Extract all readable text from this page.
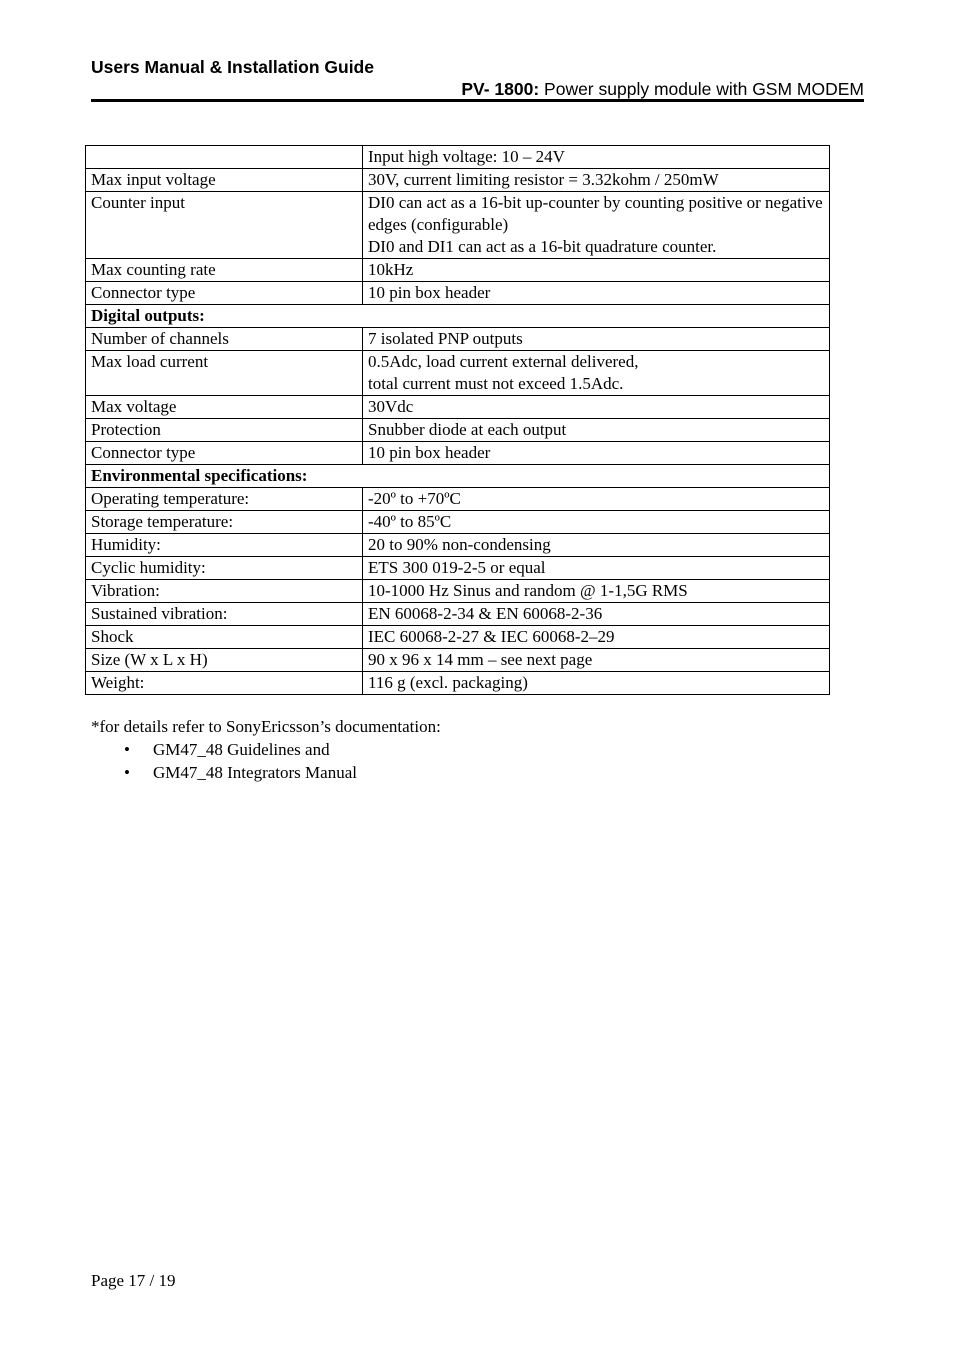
Users Manual & Installation Guide
PV- 1800: Power supply module with GSM MODEM
	Input high voltage: 10 – 24V
Max input voltage	30V, current limiting resistor = 3.32kohm / 250mW
Counter input	DI0 can act as a 16-bit up-counter by counting positive or negative edges (configurable)
DI0 and DI1 can act as a 16-bit quadrature counter.
Max counting rate	10kHz
Connector type	10 pin box header
Digital outputs:	
Number of channels	7 isolated PNP outputs
Max load current	0.5Adc, load current external delivered,
total current must not exceed 1.5Adc.
Max voltage	30Vdc
Protection	Snubber diode at each output
Connector type	10 pin box header
Environmental specifications:	
Operating temperature:	-20º to +70ºC
Storage temperature:	-40º to 85ºC
Humidity:	20 to 90% non-condensing
Cyclic humidity:	ETS 300 019-2-5 or equal
Vibration:	10-1000 Hz Sinus and random @ 1-1,5G RMS
Sustained vibration:	EN 60068-2-34 & EN 60068-2-36
Shock	IEC 60068-2-27 & IEC 60068-2–29
Size (W x L x H)	90 x 96 x 14 mm – see next page
Weight:	116 g (excl. packaging)
*for details refer to SonyEricsson’s documentation:
• GM47_48 Guidelines and
• GM47_48 Integrators Manual
Page 17 / 19
